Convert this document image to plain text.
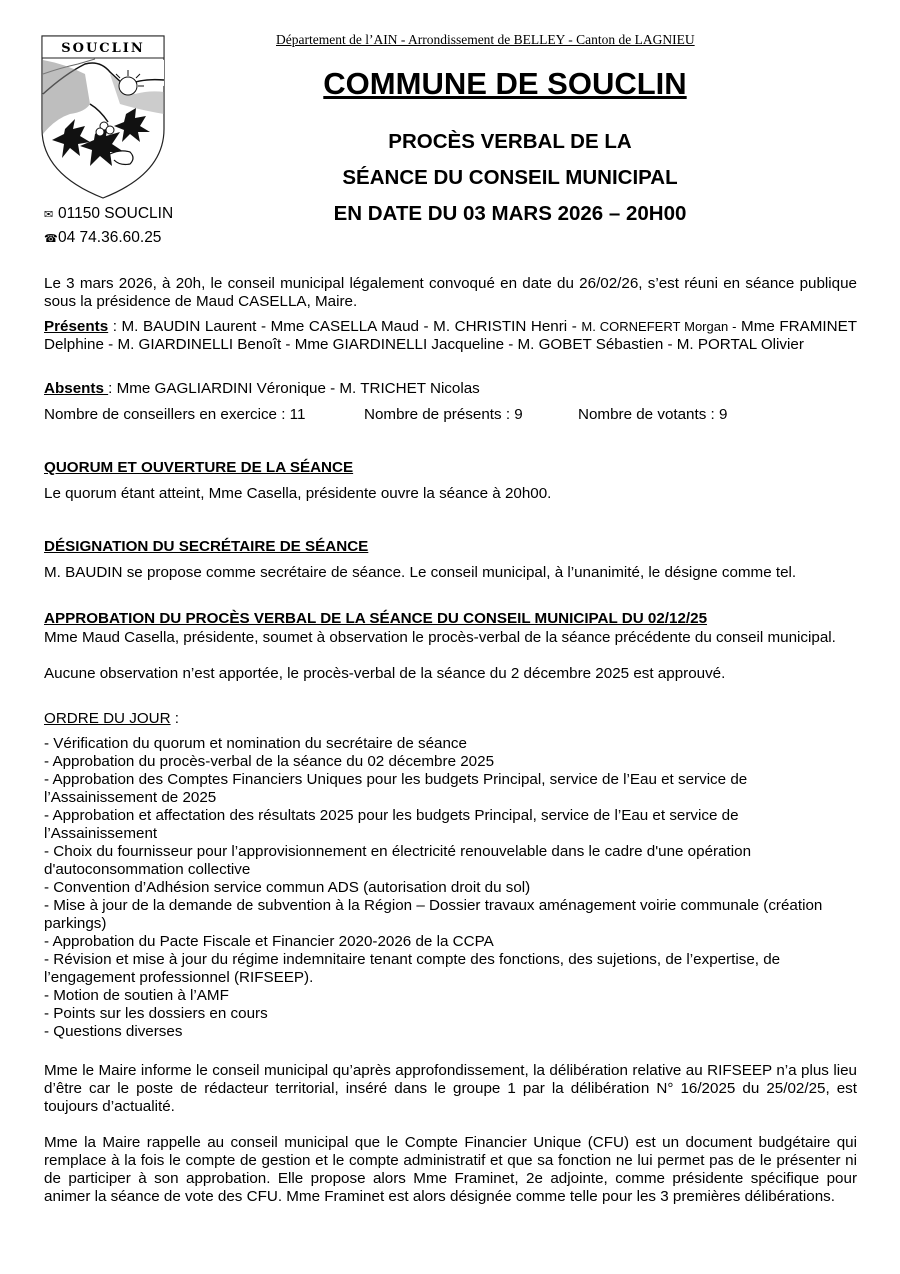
SOUCLIN
✉ 01150 SOUCLIN
☎04 74.36.60.25
Département de l’AIN - Arrondissement de BELLEY - Canton de LAGNIEU
COMMUNE DE SOUCLIN
PROCÈS VERBAL DE LA
SÉANCE DU CONSEIL MUNICIPAL
EN DATE DU 03 MARS 2026 – 20H00
Le 3 mars 2026, à 20h, le conseil municipal légalement convoqué en date du 26/02/26, s’est réuni en séance publique sous la présidence de Maud CASELLA, Maire.
Présents : M. BAUDIN Laurent - Mme CASELLA Maud - M. CHRISTIN Henri - M. CORNEFERT Morgan - Mme FRAMINET Delphine - M. GIARDINELLI Benoît - Mme GIARDINELLI Jacqueline - M. GOBET Sébastien - M. PORTAL Olivier
Absents : Mme GAGLIARDINI Véronique - M. TRICHET Nicolas
Nombre de conseillers en exercice : 11	Nombre de présents : 9	Nombre de votants : 9
QUORUM ET OUVERTURE DE LA SÉANCE
Le quorum étant atteint, Mme Casella, présidente ouvre la séance à 20h00.
DÉSIGNATION DU SECRÉTAIRE DE SÉANCE
M. BAUDIN se propose comme secrétaire de séance. Le conseil municipal, à l’unanimité, le désigne comme tel.
APPROBATION DU PROCÈS VERBAL DE LA SÉANCE DU CONSEIL MUNICIPAL DU 02/12/25
Mme Maud Casella, présidente, soumet à observation le procès-verbal de la séance précédente du conseil municipal.
Aucune observation n’est apportée, le procès-verbal de la séance du 2 décembre 2025 est approuvé.
ORDRE DU JOUR :
- Vérification du quorum et nomination du secrétaire de séance
- Approbation du procès-verbal de la séance du 02 décembre 2025
- Approbation des Comptes Financiers Uniques pour les budgets Principal, service de l’Eau et service de l’Assainissement de 2025
- Approbation et affectation des résultats 2025 pour les budgets Principal, service de l’Eau et service de l’Assainissement
- Choix du fournisseur pour l’approvisionnement en électricité renouvelable dans le cadre d'une opération d'autoconsommation collective
- Convention d’Adhésion service commun ADS (autorisation droit du sol)
- Mise à jour de la demande de subvention à la Région – Dossier travaux aménagement voirie communale (création parkings)
- Approbation du Pacte Fiscale et Financier 2020-2026 de la CCPA
- Révision et mise à jour du régime indemnitaire tenant compte des fonctions, des sujetions, de l’expertise, de l’engagement professionnel (RIFSEEP).
- Motion de soutien à l’AMF
- Points sur les dossiers en cours
- Questions diverses
Mme le Maire informe le conseil municipal qu’après approfondissement, la délibération relative au RIFSEEP n’a plus lieu d’être car le poste de rédacteur territorial, inséré dans le groupe 1 par la délibération N° 16/2025 du 25/02/25, est toujours d’actualité.
Mme la Maire rappelle au conseil municipal que le Compte Financier Unique (CFU) est un document budgétaire qui remplace à la fois le compte de gestion et le compte administratif et que sa fonction ne lui permet pas de le présenter ni de participer à son approbation. Elle propose alors Mme Framinet, 2e adjointe, comme présidente spécifique pour animer la séance de vote des CFU. Mme Framinet est alors désignée comme telle pour les 3 premières délibérations.
